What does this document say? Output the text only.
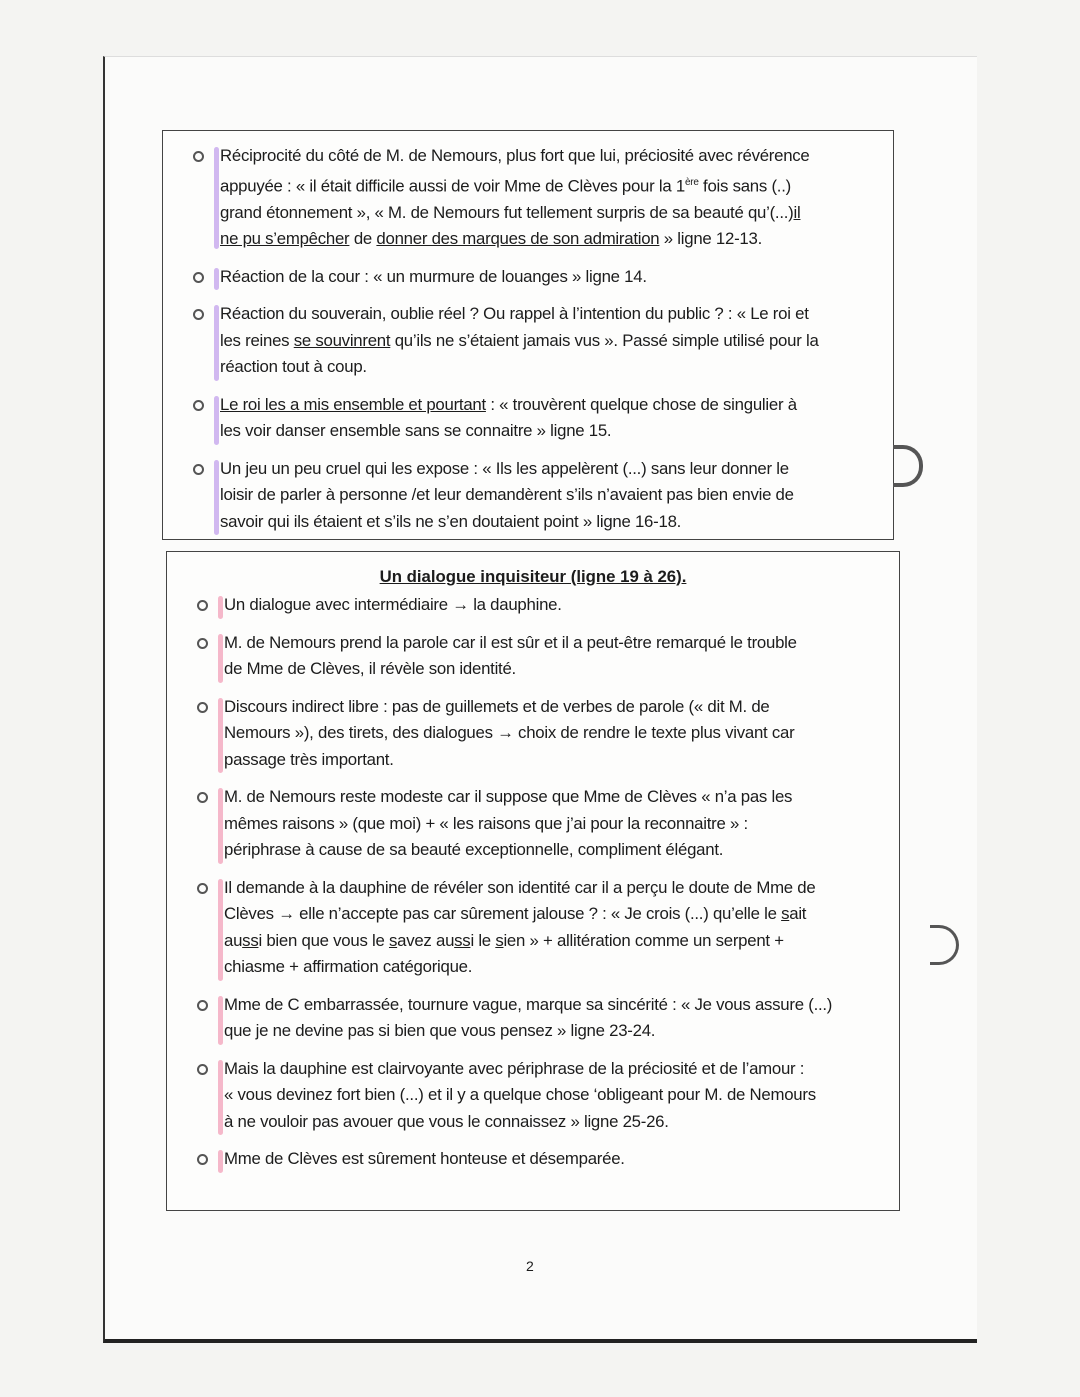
Réciprocité du côté de M. de Nemours, plus fort que lui, préciosité avec révérence
appuyée : « il était difficile aussi de voir Mme de Clèves pour la 1ère fois sans (..)
grand étonnement », « M. de Nemours fut tellement surpris de sa beauté qu’(...)il
ne pu s’empêcher de donner des marques de son admiration » ligne 12-13.
Réaction de la cour : « un murmure de louanges » ligne 14.
Réaction du souverain, oublie réel ? Ou rappel à l’intention du public ? : « Le roi et
les reines se souvinrent qu’ils ne s’étaient jamais vus ». Passé simple utilisé pour la
réaction tout à coup.
Le roi les a mis ensemble et pourtant : « trouvèrent quelque chose de singulier à
les voir danser ensemble sans se connaitre » ligne 15.
Un jeu un peu cruel qui les expose : « Ils les appelèrent (...) sans leur donner le
loisir de parler à personne /et leur demandèrent s’ils n’avaient pas bien envie de
savoir qui ils étaient et s’ils ne s’en doutaient point » ligne 16-18.
Un dialogue inquisiteur (ligne 19 à 26).
Un dialogue avec intermédiaire → la dauphine.
M. de Nemours prend la parole car il est sûr et il a peut-être remarqué le trouble
de Mme de Clèves, il révèle son identité.
Discours indirect libre : pas de guillemets et de verbes de parole (« dit M. de
Nemours »), des tirets, des dialogues → choix de rendre le texte plus vivant car
passage très important.
M. de Nemours reste modeste car il suppose que Mme de Clèves « n’a pas les
mêmes raisons » (que moi) + « les raisons que j’ai pour la reconnaitre » :
périphrase à cause de sa beauté exceptionnelle, compliment élégant.
Il demande à la dauphine de révéler son identité car il a perçu le doute de Mme de
Clèves → elle n’accepte pas car sûrement jalouse ? : « Je crois (...) qu’elle le sait
aussi bien que vous le savez aussi le sien » + allitération comme un serpent +
chiasme + affirmation catégorique.
Mme de C embarrassée, tournure vague, marque sa sincérité : « Je vous assure (...)
que je ne devine pas si bien que vous pensez » ligne 23-24.
Mais la dauphine est clairvoyante avec périphrase de la préciosité et de l’amour :
« vous devinez fort bien (...) et il y a quelque chose ‘obligeant pour M. de Nemours
à ne vouloir pas avouer que vous le connaissez » ligne 25-26.
Mme de Clèves est sûrement honteuse et désemparée.
2
